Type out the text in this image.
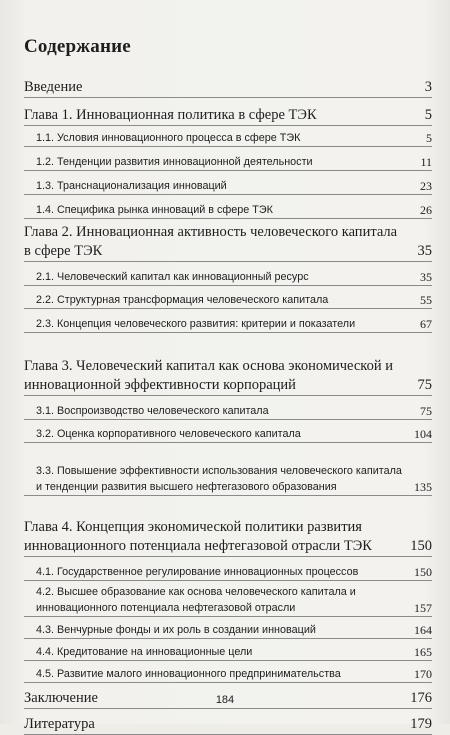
Содержание
Введение	3
Глава 1. Инновационная политика в сфере ТЭК	5
1.1. Условия инновационного процесса в сфере ТЭК	5
1.2. Тенденции развития инновационной деятельности	11
1.3. Транснационализация инноваций	23
1.4. Специфика рынка инноваций в сфере ТЭК	26
Глава 2. Инновационная активность человеческого капитала в сфере ТЭК	35
2.1. Человеческий капитал как инновационный ресурс	35
2.2. Структурная трансформация человеческого капитала	55
2.3. Концепция человеческого развития: критерии и показатели	67
Глава 3. Человеческий капитал как основа экономической и инновационной эффективности корпораций	75
3.1. Воспроизводство человеческого капитала	75
3.2. Оценка корпоративного человеческого капитала	104
3.3. Повышение эффективности использования человеческого капитала и тенденции развития высшего нефтегазового образования	135
Глава 4. Концепция экономической политики развития инновационного потенциала нефтегазовой отрасли ТЭК	150
4.1. Государственное регулирование инновационных процессов	150
4.2. Высшее образование как основа человеческого капитала и инновационного потенциала нефтегазовой отрасли	157
4.3. Венчурные фонды и их роль в создании инноваций	164
4.4. Кредитование на инновационные цели	165
4.5. Развитие малого инновационного предпринимательства	170
Заключение	176
Литература	179
184
